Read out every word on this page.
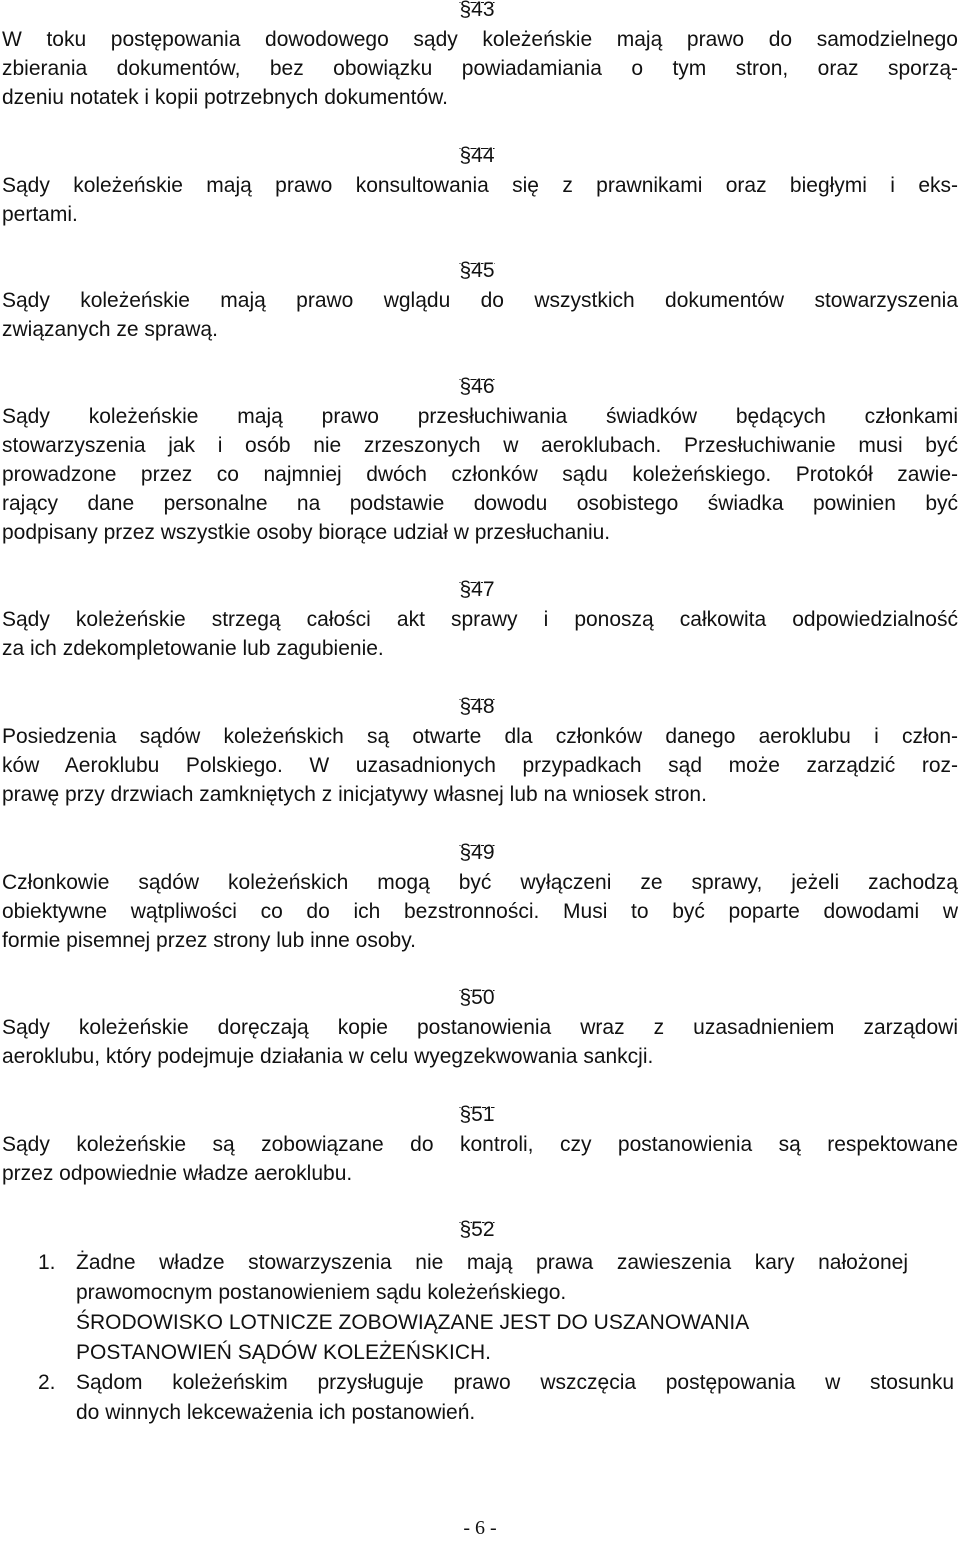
§43
W toku postępowania dowodowego sądy koleżeńskie mają prawo do samodzielnego
zbierania dokumentów, bez obowiązku powiadamiania o tym stron, oraz sporzą-
dzeniu notatek i kopii potrzebnych dokumentów.
§44
Sądy koleżeńskie mają prawo konsultowania się z prawnikami oraz biegłymi i eks-
pertami.
§45
Sądy koleżeńskie mają prawo wglądu do wszystkich dokumentów stowarzyszenia
związanych ze sprawą.
§46
Sądy koleżeńskie mają prawo przesłuchiwania świadków będących członkami
stowarzyszenia jak i osób nie zrzeszonych w aeroklubach. Przesłuchiwanie musi być
prowadzone przez co najmniej dwóch członków sądu koleżeńskiego. Protokół zawie-
rający dane personalne na podstawie dowodu osobistego świadka powinien być
podpisany przez wszystkie osoby biorące udział w przesłuchaniu.
§47
Sądy koleżeńskie strzegą całości akt sprawy i ponoszą całkowita odpowiedzialność
za ich zdekompletowanie lub zagubienie.
§48
Posiedzenia sądów koleżeńskich są otwarte dla członków danego aeroklubu i człon-
ków Aeroklubu Polskiego. W uzasadnionych przypadkach sąd może zarządzić roz-
prawę przy drzwiach zamkniętych z inicjatywy własnej lub na wniosek stron.
§49
Członkowie sądów koleżeńskich mogą być wyłączeni ze sprawy, jeżeli zachodzą
obiektywne wątpliwości co do ich bezstronności. Musi to być poparte dowodami w
formie pisemnej przez strony lub inne osoby.
§50
Sądy koleżeńskie doręczają kopie postanowienia wraz z uzasadnieniem zarządowi
aeroklubu, który podejmuje działania w celu wyegzekwowania sankcji.
§51
Sądy koleżeńskie są zobowiązane do kontroli, czy postanowienia są respektowane
przez odpowiednie władze aeroklubu.
§52
1. Żadne władze stowarzyszenia nie mają prawa zawieszenia kary nałożonej
prawomocnym postanowieniem sądu koleżeńskiego.
ŚRODOWISKO LOTNICZE ZOBOWIĄZANE JEST DO USZANOWANIA
POSTANOWIEŃ SĄDÓW KOLEŻEŃSKICH.
2. Sądom koleżeńskim przysługuje prawo wszczęcia postępowania w stosunku
do winnych lekceważenia ich postanowień.
- 6 -
